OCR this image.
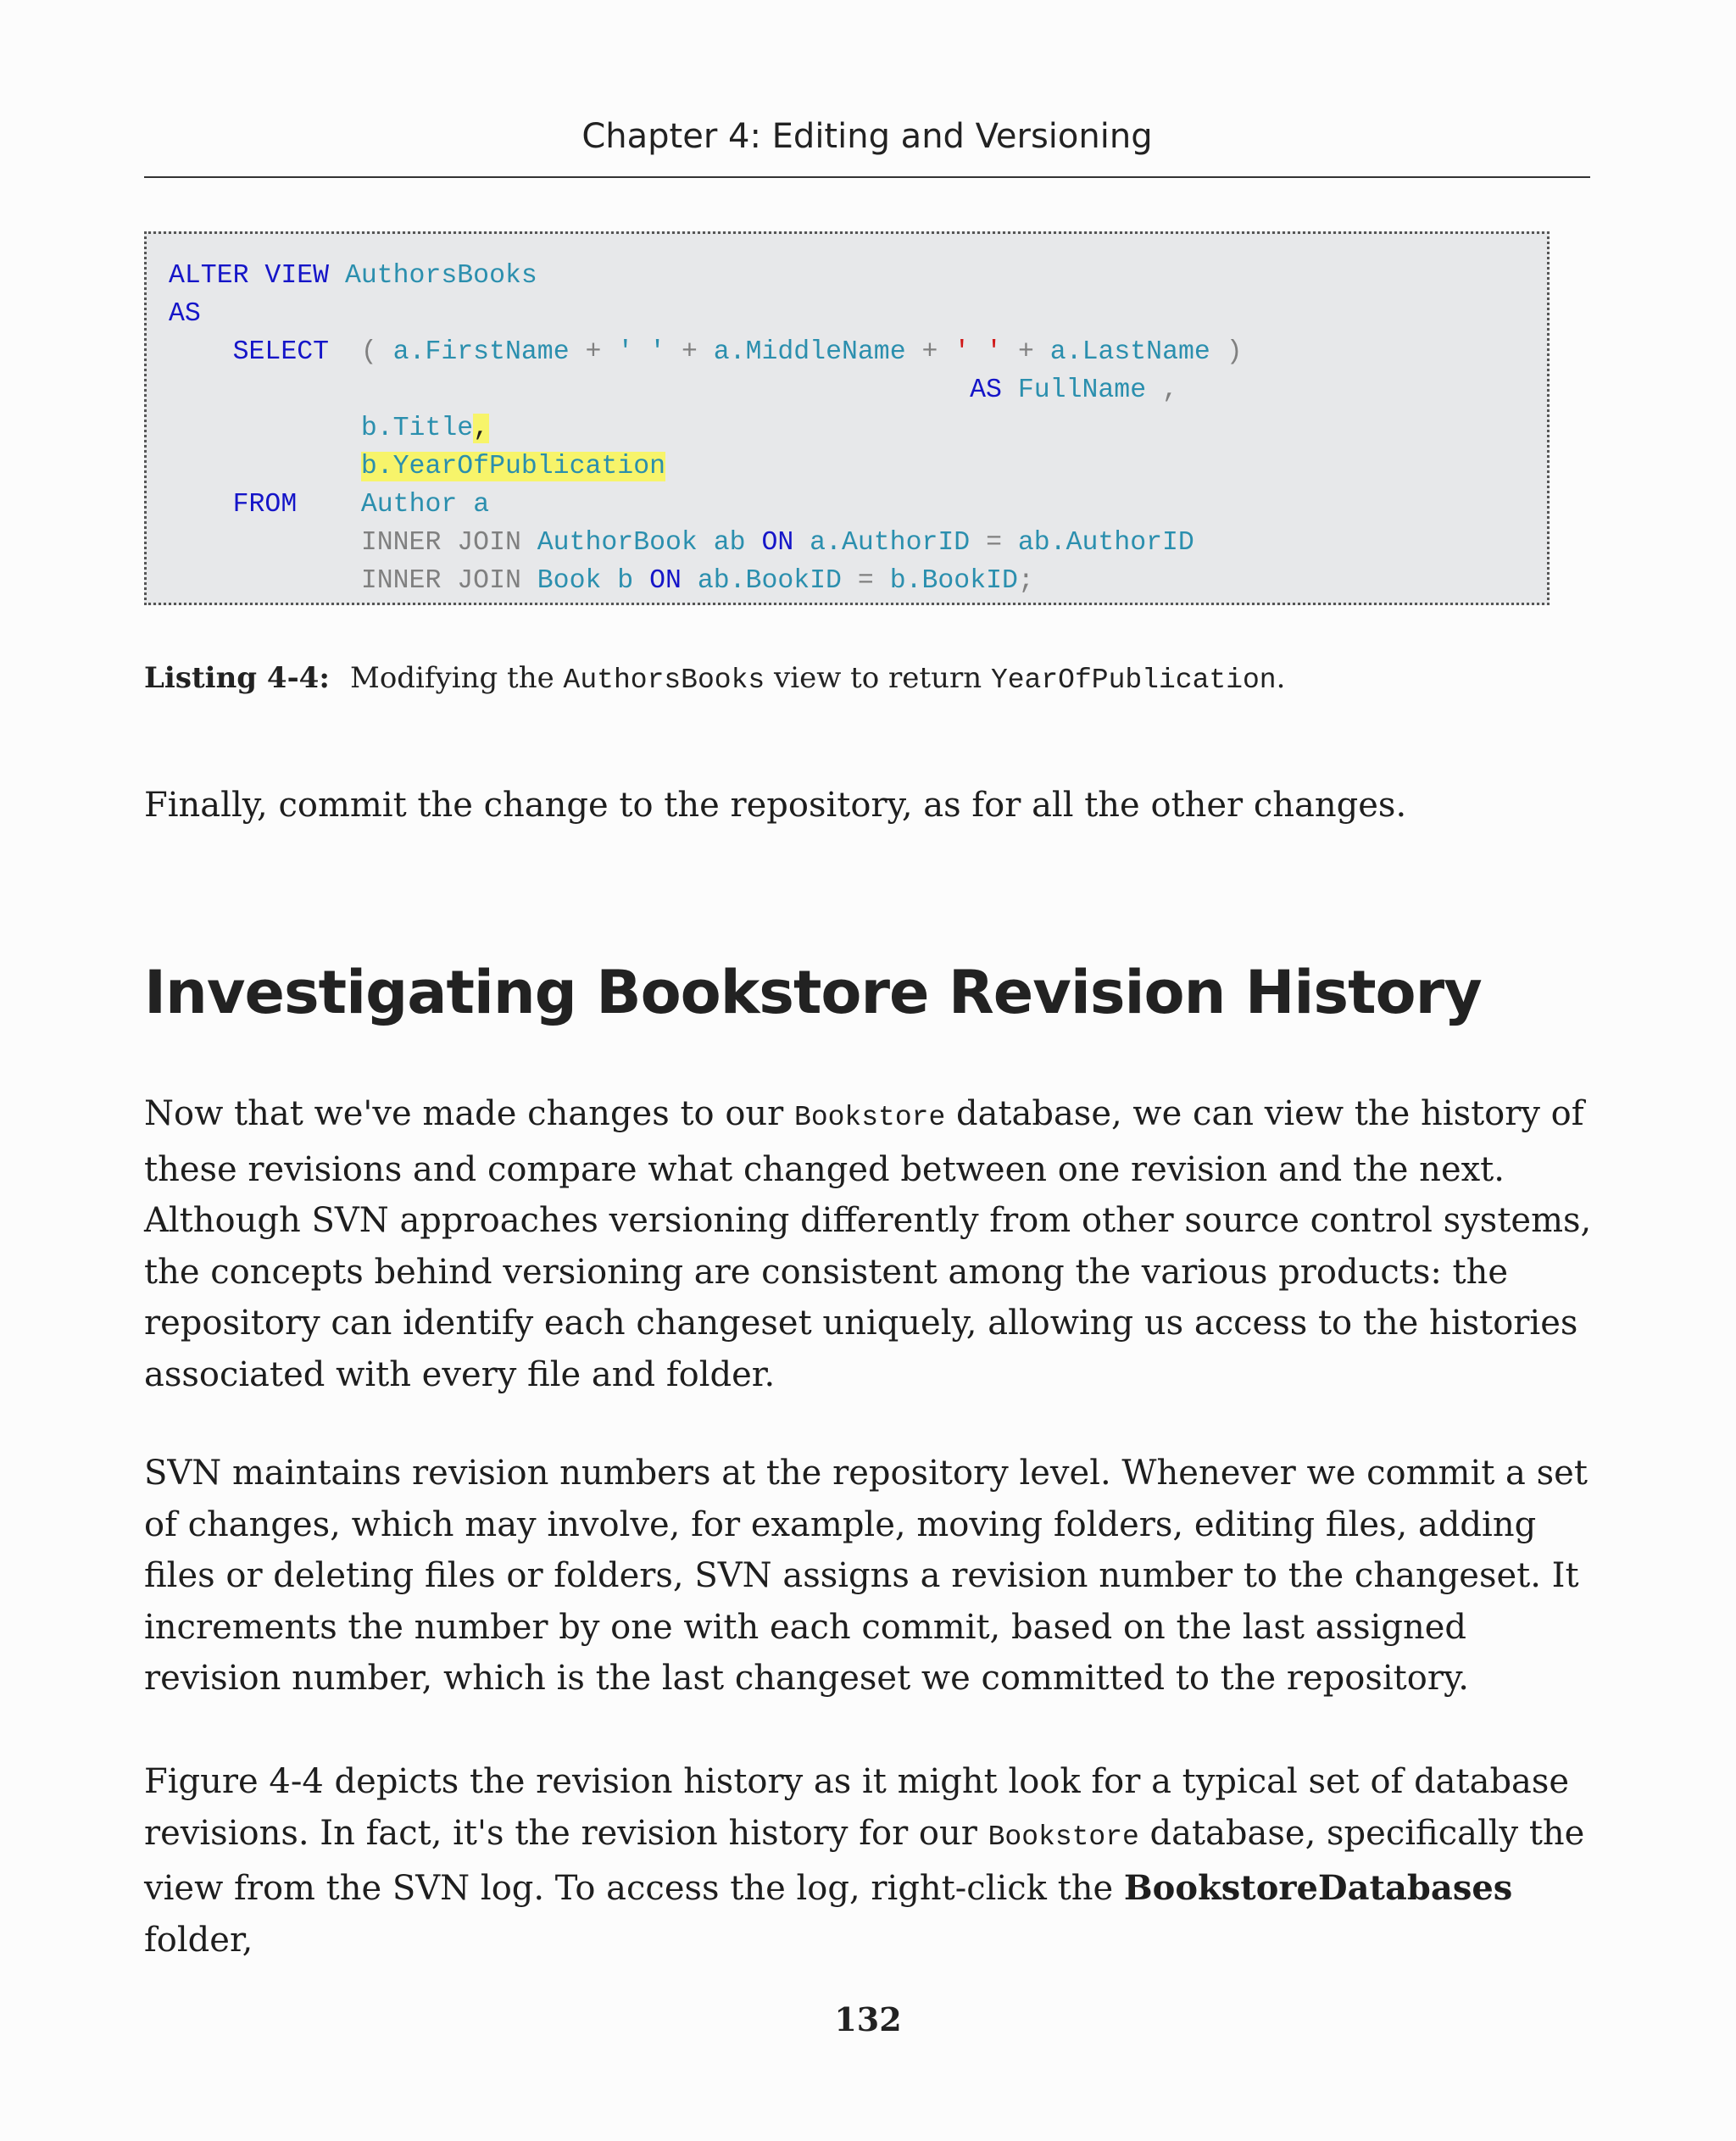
Chapter 4: Editing and Versioning
ALTER VIEW AuthorsBooks
AS
SELECT  ( a.FirstName + ' ' + a.MiddleName + ' ' + a.LastName )
AS FullName ,
b.Title,
b.YearOfPublication
FROM Author a
INNER JOIN AuthorBook ab ON a.AuthorID = ab.AuthorID
INNER JOIN Book b ON ab.BookID = b.BookID;
Listing 4-4: Modifying the AuthorsBooks view to return YearOfPublication.
Finally, commit the change to the repository, as for all the other changes.
Investigating Bookstore Revision History
Now that we've made changes to our Bookstore database, we can view the history of these revisions and compare what changed between one revision and the next. Although SVN approaches versioning differently from other source control systems, the concepts behind versioning are consistent among the various products: the repository can identify each changeset uniquely, allowing us access to the histories associated with every file and folder.
SVN maintains revision numbers at the repository level. Whenever we commit a set of changes, which may involve, for example, moving folders, editing files, adding files or deleting files or folders, SVN assigns a revision number to the changeset. It increments the number by one with each commit, based on the last assigned revision number, which is the last changeset we committed to the repository.
Figure 4-4 depicts the revision history as it might look for a typical set of database revisions. In fact, it's the revision history for our Bookstore database, specifically the view from the SVN log. To access the log, right-click the BookstoreDatabases folder,
132
